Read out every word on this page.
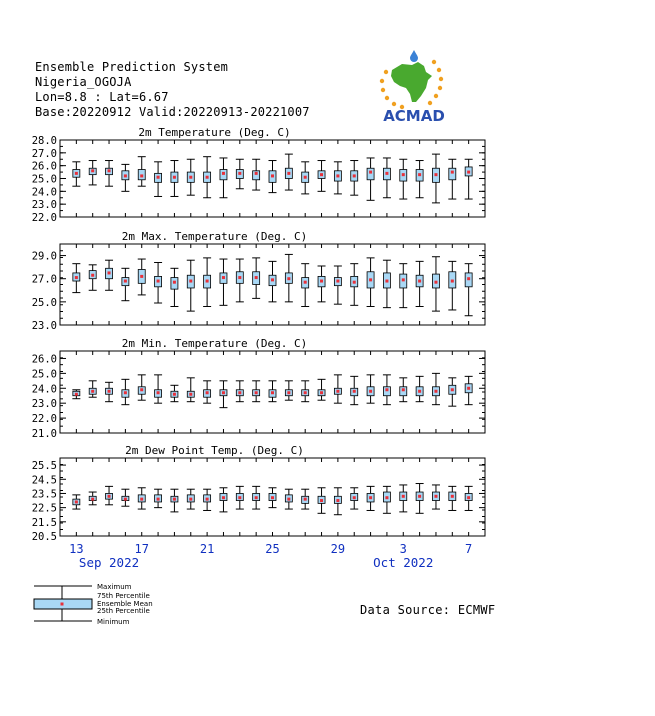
Ensemble Prediction System
Nigeria_OGOJA
Lon=8.8 : Lat=6.67
Base:20220912 Valid:20220913-20221007	ACMAD
2m Temperature (Deg. C)
22.0
23.0
24.0
25.0
26.0
27.0
28.0
2m Max. Temperature (Deg. C)
23.0
25.0
27.0
29.0
2m Min. Temperature (Deg. C)
21.0
22.0
23.0
24.0
25.0
26.0
2m Dew Point Temp. (Deg. C)
20.5
21.5
22.5
23.5
24.5
25.5
13	17	21	25	29	3	7
Sep 2022	Oct 2022
Maximum
75th Percentile
Ensemble Mean
25th Percentile
Minimum
Data Source: ECMWF
